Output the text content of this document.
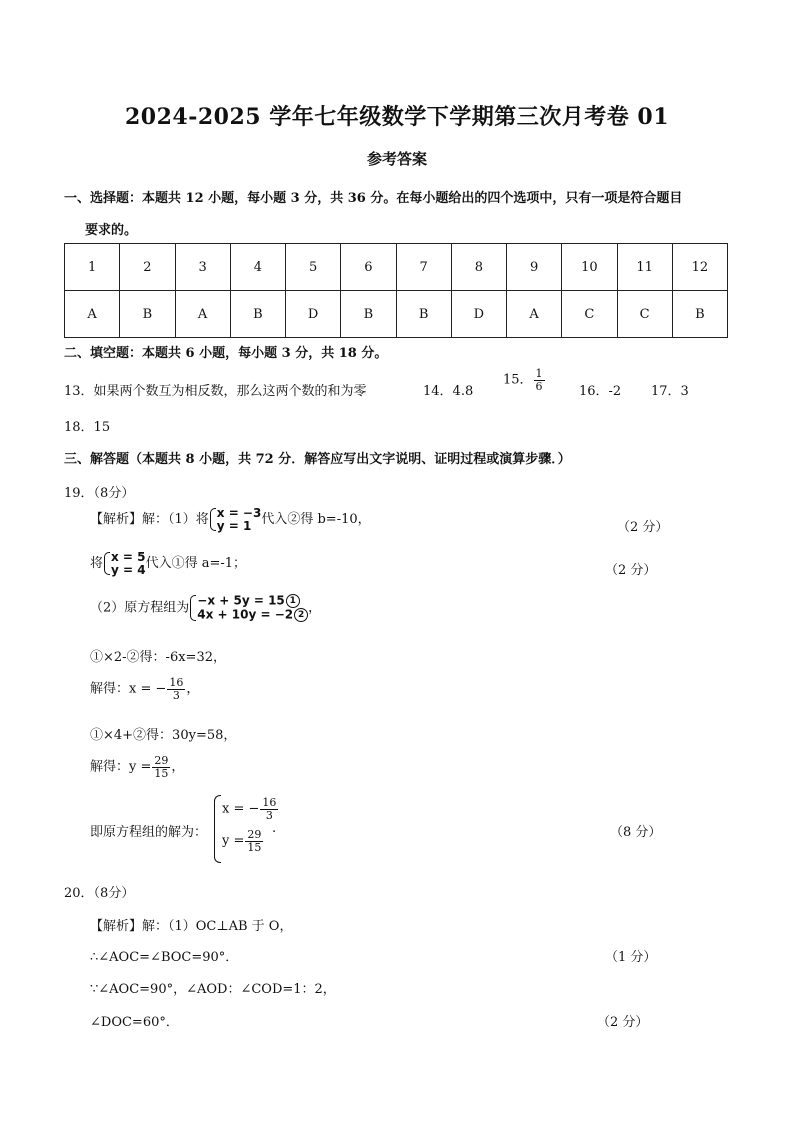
2024-2025 学年七年级数学下学期第三次月考卷 01
参考答案
一、选择题：本题共 12 小题，每小题 3 分，共 36 分。在每小题给出的四个选项中，只有一项是符合题目
要求的。
1	2	3	4	5	6	7	8	9	10	11	12
A	B	A	B	D	B	B	D	A	C	C	B
二、填空题：本题共 6 小题，每小题 3 分，共 18 分。
13．如果两个数互为相反数，那么这两个数的和为零	14．4.8
15． $\frac{1}{6}$	16．-2 17．3
18．15
三、解答题（本题共 8 小题，共 72 分．解答应写出文字说明、证明过程或演算步骤．）
19．（8分）
【解析】解：（1）将 x = −3
y = 1 代入②得 b=-10，
（2 分）
将 x = 5
y = 4 代入①得 a=-1；	（2 分）
（2）原方程组为 −x + 5y = 15 1
4x + 10y = −2 2 ，
①×2-②得：-6x=32，
解得：x = − $\frac{16}{3}$ ，
①×4+②得：30y=58，
解得：$y = \frac{29}{15}$ ，
即原方程组的解为：
x = − $\frac{16}{3}$
$y = \frac{29}{15}$
.	（8 分）
20．（8分）
【解析】解：（1）OC⊥AB 于 O，
∴∠AOC=∠BOC=90°．	（1 分）
∵∠AOC=90°，∠AOD：∠COD=1：2，
∠DOC=60°．	（2 分）
